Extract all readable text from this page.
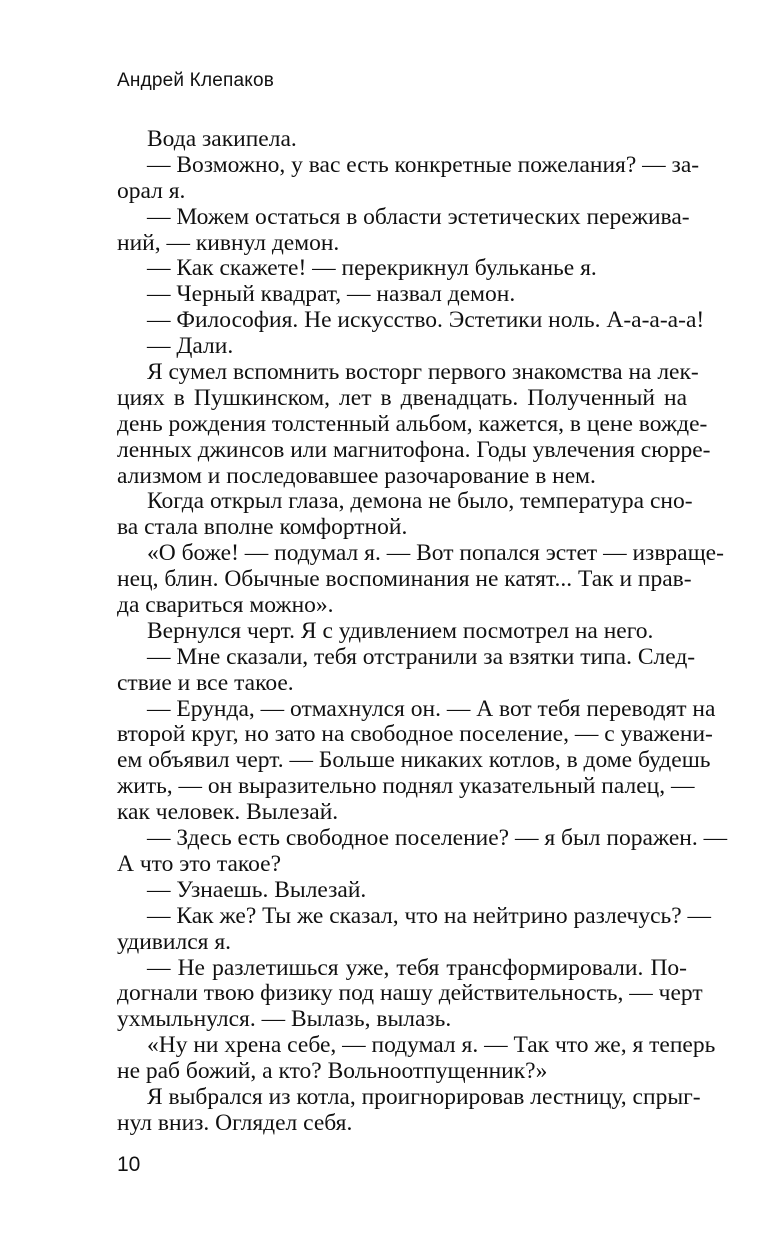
Андрей Клепаков
Вода закипела.
— Возможно, у вас есть конкретные пожелания? — за-
орал я.
— Можем остаться в области эстетических пережива-
ний, — кивнул демон.
— Как скажете! — перекрикнул бульканье я.
— Черный квадрат, — назвал демон.
— Философия. Не искусство. Эстетики ноль. А-а-а-а-а!
— Дали.
Я сумел вспомнить восторг первого знакомства на лек-
циях в Пушкинском, лет в двенадцать. Полученный на
день рождения толстенный альбом, кажется, в цене вожде-
ленных джинсов или магнитофона. Годы увлечения сюрре-
ализмом и последовавшее разочарование в нем.
Когда открыл глаза, демона не было, температура сно-
ва стала вполне комфортной.
«О боже! — подумал я. — Вот попался эстет — извраще-
нец, блин. Обычные воспоминания не катят... Так и прав-
да свариться можно».
Вернулся черт. Я с удивлением посмотрел на него.
— Мне сказали, тебя отстранили за взятки типа. След-
ствие и все такое.
— Ерунда, — отмахнулся он. — А вот тебя переводят на
второй круг, но зато на свободное поселение, — с уважени-
ем объявил черт. — Больше никаких котлов, в доме будешь
жить, — он выразительно поднял указательный палец, —
как человек. Вылезай.
— Здесь есть свободное поселение? — я был поражен. —
А что это такое?
— Узнаешь. Вылезай.
— Как же? Ты же сказал, что на нейтрино разлечусь? —
удивился я.
— Не разлетишься уже, тебя трансформировали. По-
догнали твою физику под нашу действительность, — черт
ухмыльнулся. — Вылазь, вылазь.
«Ну ни хрена себе, — подумал я. — Так что же, я теперь
не раб божий, а кто? Вольноотпущенник?»
Я выбрался из котла, проигнорировав лестницу, спрыг-
нул вниз. Оглядел себя.
10
